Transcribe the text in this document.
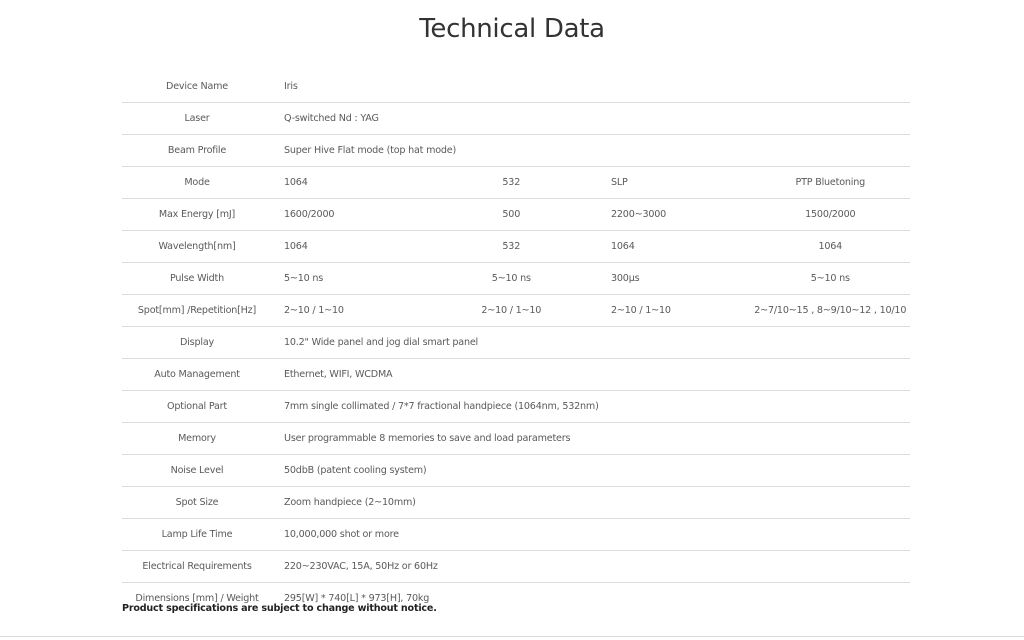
Technical Data
Device Name	Iris			
Laser	Q-switched Nd : YAG			
Beam Profile	Super Hive Flat mode (top hat mode)			
Mode	1064	532	SLP	PTP Bluetoning
Max Energy [mJ]	1600/2000	500	2200~3000	1500/2000
Wavelength[nm]	1064	532	1064	1064
Pulse Width	5~10 ns	5~10 ns	300μs	5~10 ns
Spot[mm] /Repetition[Hz]	2~10 / 1~10	2~10 / 1~10	2~10 / 1~10	2~7/10~15 , 8~9/10~12 , 10/10
Display	10.2" Wide panel and jog dial smart panel			
Auto Management	Ethernet, WIFI, WCDMA			
Optional Part	7mm single collimated / 7*7 fractional handpiece (1064nm, 532nm)			
Memory	User programmable 8 memories to save and load parameters			
Noise Level	50dbB (patent cooling system)			
Spot Size	Zoom handpiece (2~10mm)			
Lamp Life Time	10,000,000 shot or more			
Electrical Requirements	220~230VAC, 15A, 50Hz or 60Hz			
Dimensions [mm] / Weight	295[W] * 740[L] * 973[H], 70kg			

Product specifications are subject to change without notice.
